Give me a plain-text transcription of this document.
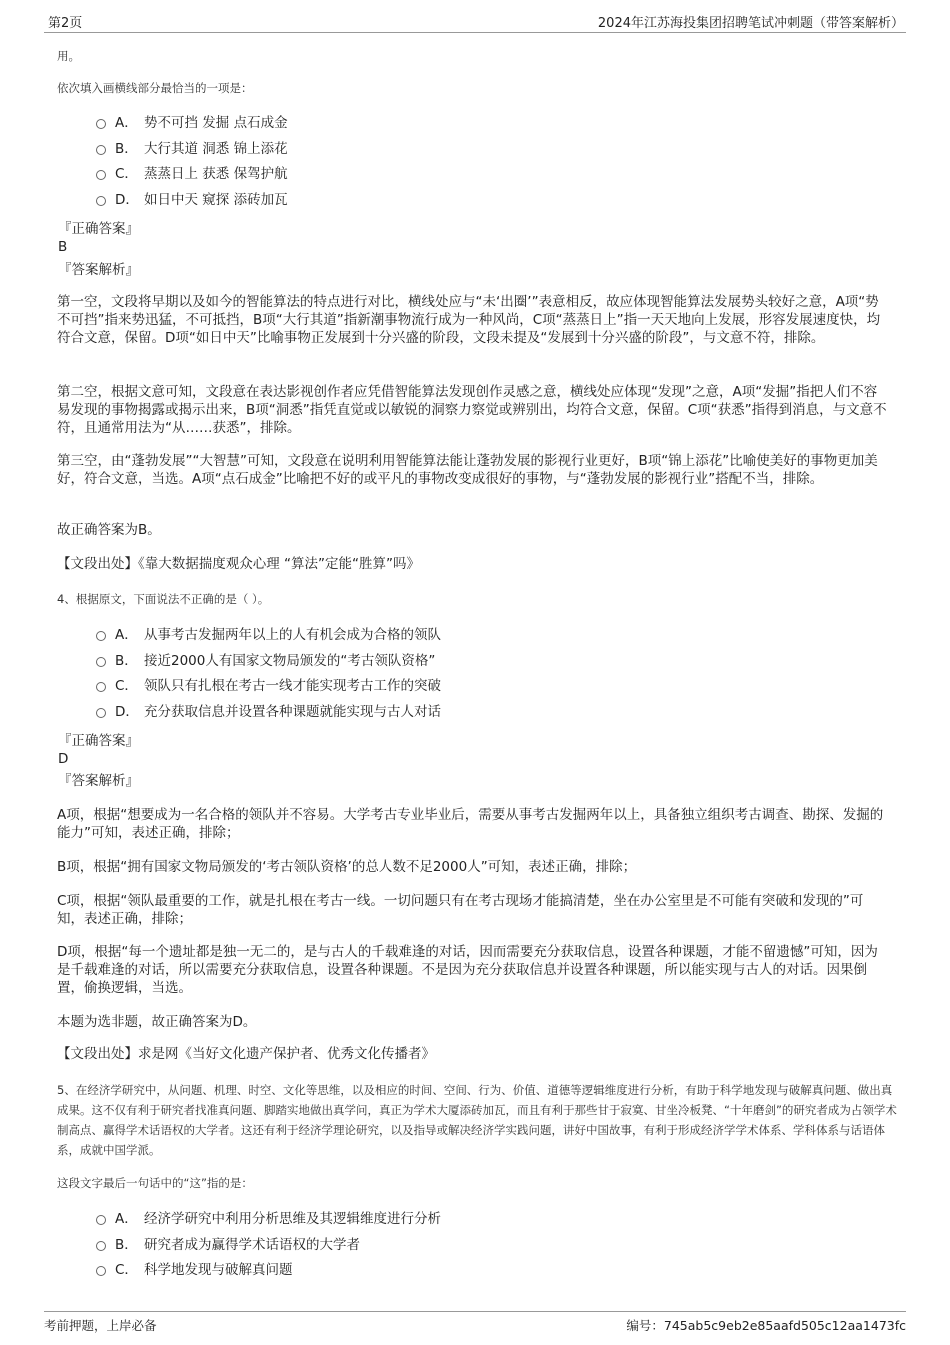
第2页	2024年江苏海投集团招聘笔试冲刺题（带答案解析）
用。
依次填入画横线部分最恰当的一项是：
A． 势不可挡 发掘 点石成金
B． 大行其道 洞悉 锦上添花
C． 蒸蒸日上 获悉 保驾护航
D． 如日中天 窥探 添砖加瓦
『正确答案』
B
『答案解析』
第一空，文段将早期以及如今的智能算法的特点进行对比，横线处应与“未‘出圈’”表意相反，故应体现智能算法发展势头较好之意，A项“势不可挡”指来势迅猛，不可抵挡，B项“大行其道”指新潮事物流行成为一种风尚，C项“蒸蒸日上”指一天天地向上发展，形容发展速度快，均符合文意，保留。D项“如日中天”比喻事物正发展到十分兴盛的阶段，文段未提及“发展到十分兴盛的阶段”，与文意不符，排除。
第二空，根据文意可知，文段意在表达影视创作者应凭借智能算法发现创作灵感之意，横线处应体现“发现”之意，A项“发掘”指把人们不容易发现的事物揭露或揭示出来，B项“洞悉”指凭直觉或以敏锐的洞察力察觉或辨别出，均符合文意，保留。C项“获悉”指得到消息，与文意不符，且通常用法为“从……获悉”，排除。
第三空，由“蓬勃发展”“大智慧”可知，文段意在说明利用智能算法能让蓬勃发展的影视行业更好，B项“锦上添花”比喻使美好的事物更加美好，符合文意，当选。A项“点石成金”比喻把不好的或平凡的事物改变成很好的事物，与“蓬勃发展的影视行业”搭配不当，排除。
故正确答案为B。
【文段出处】《靠大数据揣度观众心理 “算法”定能“胜算”吗》
4、根据原文，下面说法不正确的是（ ）。
A． 从事考古发掘两年以上的人有机会成为合格的领队
B． 接近2000人有国家文物局颁发的“考古领队资格”
C． 领队只有扎根在考古一线才能实现考古工作的突破
D． 充分获取信息并设置各种课题就能实现与古人对话
『正确答案』
D
『答案解析』
A项，根据“想要成为一名合格的领队并不容易。大学考古专业毕业后，需要从事考古发掘两年以上，具备独立组织考古调查、勘探、发掘的能力”可知，表述正确，排除；
B项，根据“拥有国家文物局颁发的‘考古领队资格’的总人数不足2000人”可知，表述正确，排除；
C项，根据“领队最重要的工作，就是扎根在考古一线。一切问题只有在考古现场才能搞清楚，坐在办公室里是不可能有突破和发现的”可知，表述正确，排除；
D项，根据“每一个遗址都是独一无二的，是与古人的千载难逢的对话，因而需要充分获取信息，设置各种课题，才能不留遗憾”可知，因为是千载难逢的对话，所以需要充分获取信息，设置各种课题。不是因为充分获取信息并设置各种课题，所以能实现与古人的对话。因果倒置，偷换逻辑，当选。
本题为选非题，故正确答案为D。
【文段出处】求是网《当好文化遗产保护者、优秀文化传播者》
5、在经济学研究中，从问题、机理、时空、文化等思维，以及相应的时间、空间、行为、价值、道德等逻辑维度进行分析，有助于科学地发现与破解真问题、做出真成果。这不仅有利于研究者找准真问题、脚踏实地做出真学问，真正为学术大厦添砖加瓦，而且有利于那些甘于寂寞、甘坐冷板凳、“十年磨剑”的研究者成为占领学术制高点、赢得学术话语权的大学者。这还有利于经济学理论研究，以及指导或解决经济学实践问题，讲好中国故事，有利于形成经济学学术体系、学科体系与话语体系，成就中国学派。
这段文字最后一句话中的“这”指的是：
A． 经济学研究中利用分析思维及其逻辑维度进行分析
B． 研究者成为赢得学术话语权的大学者
C． 科学地发现与破解真问题
考前押题，上岸必备	编号：745ab5c9eb2e85aafd505c12aa1473fc
